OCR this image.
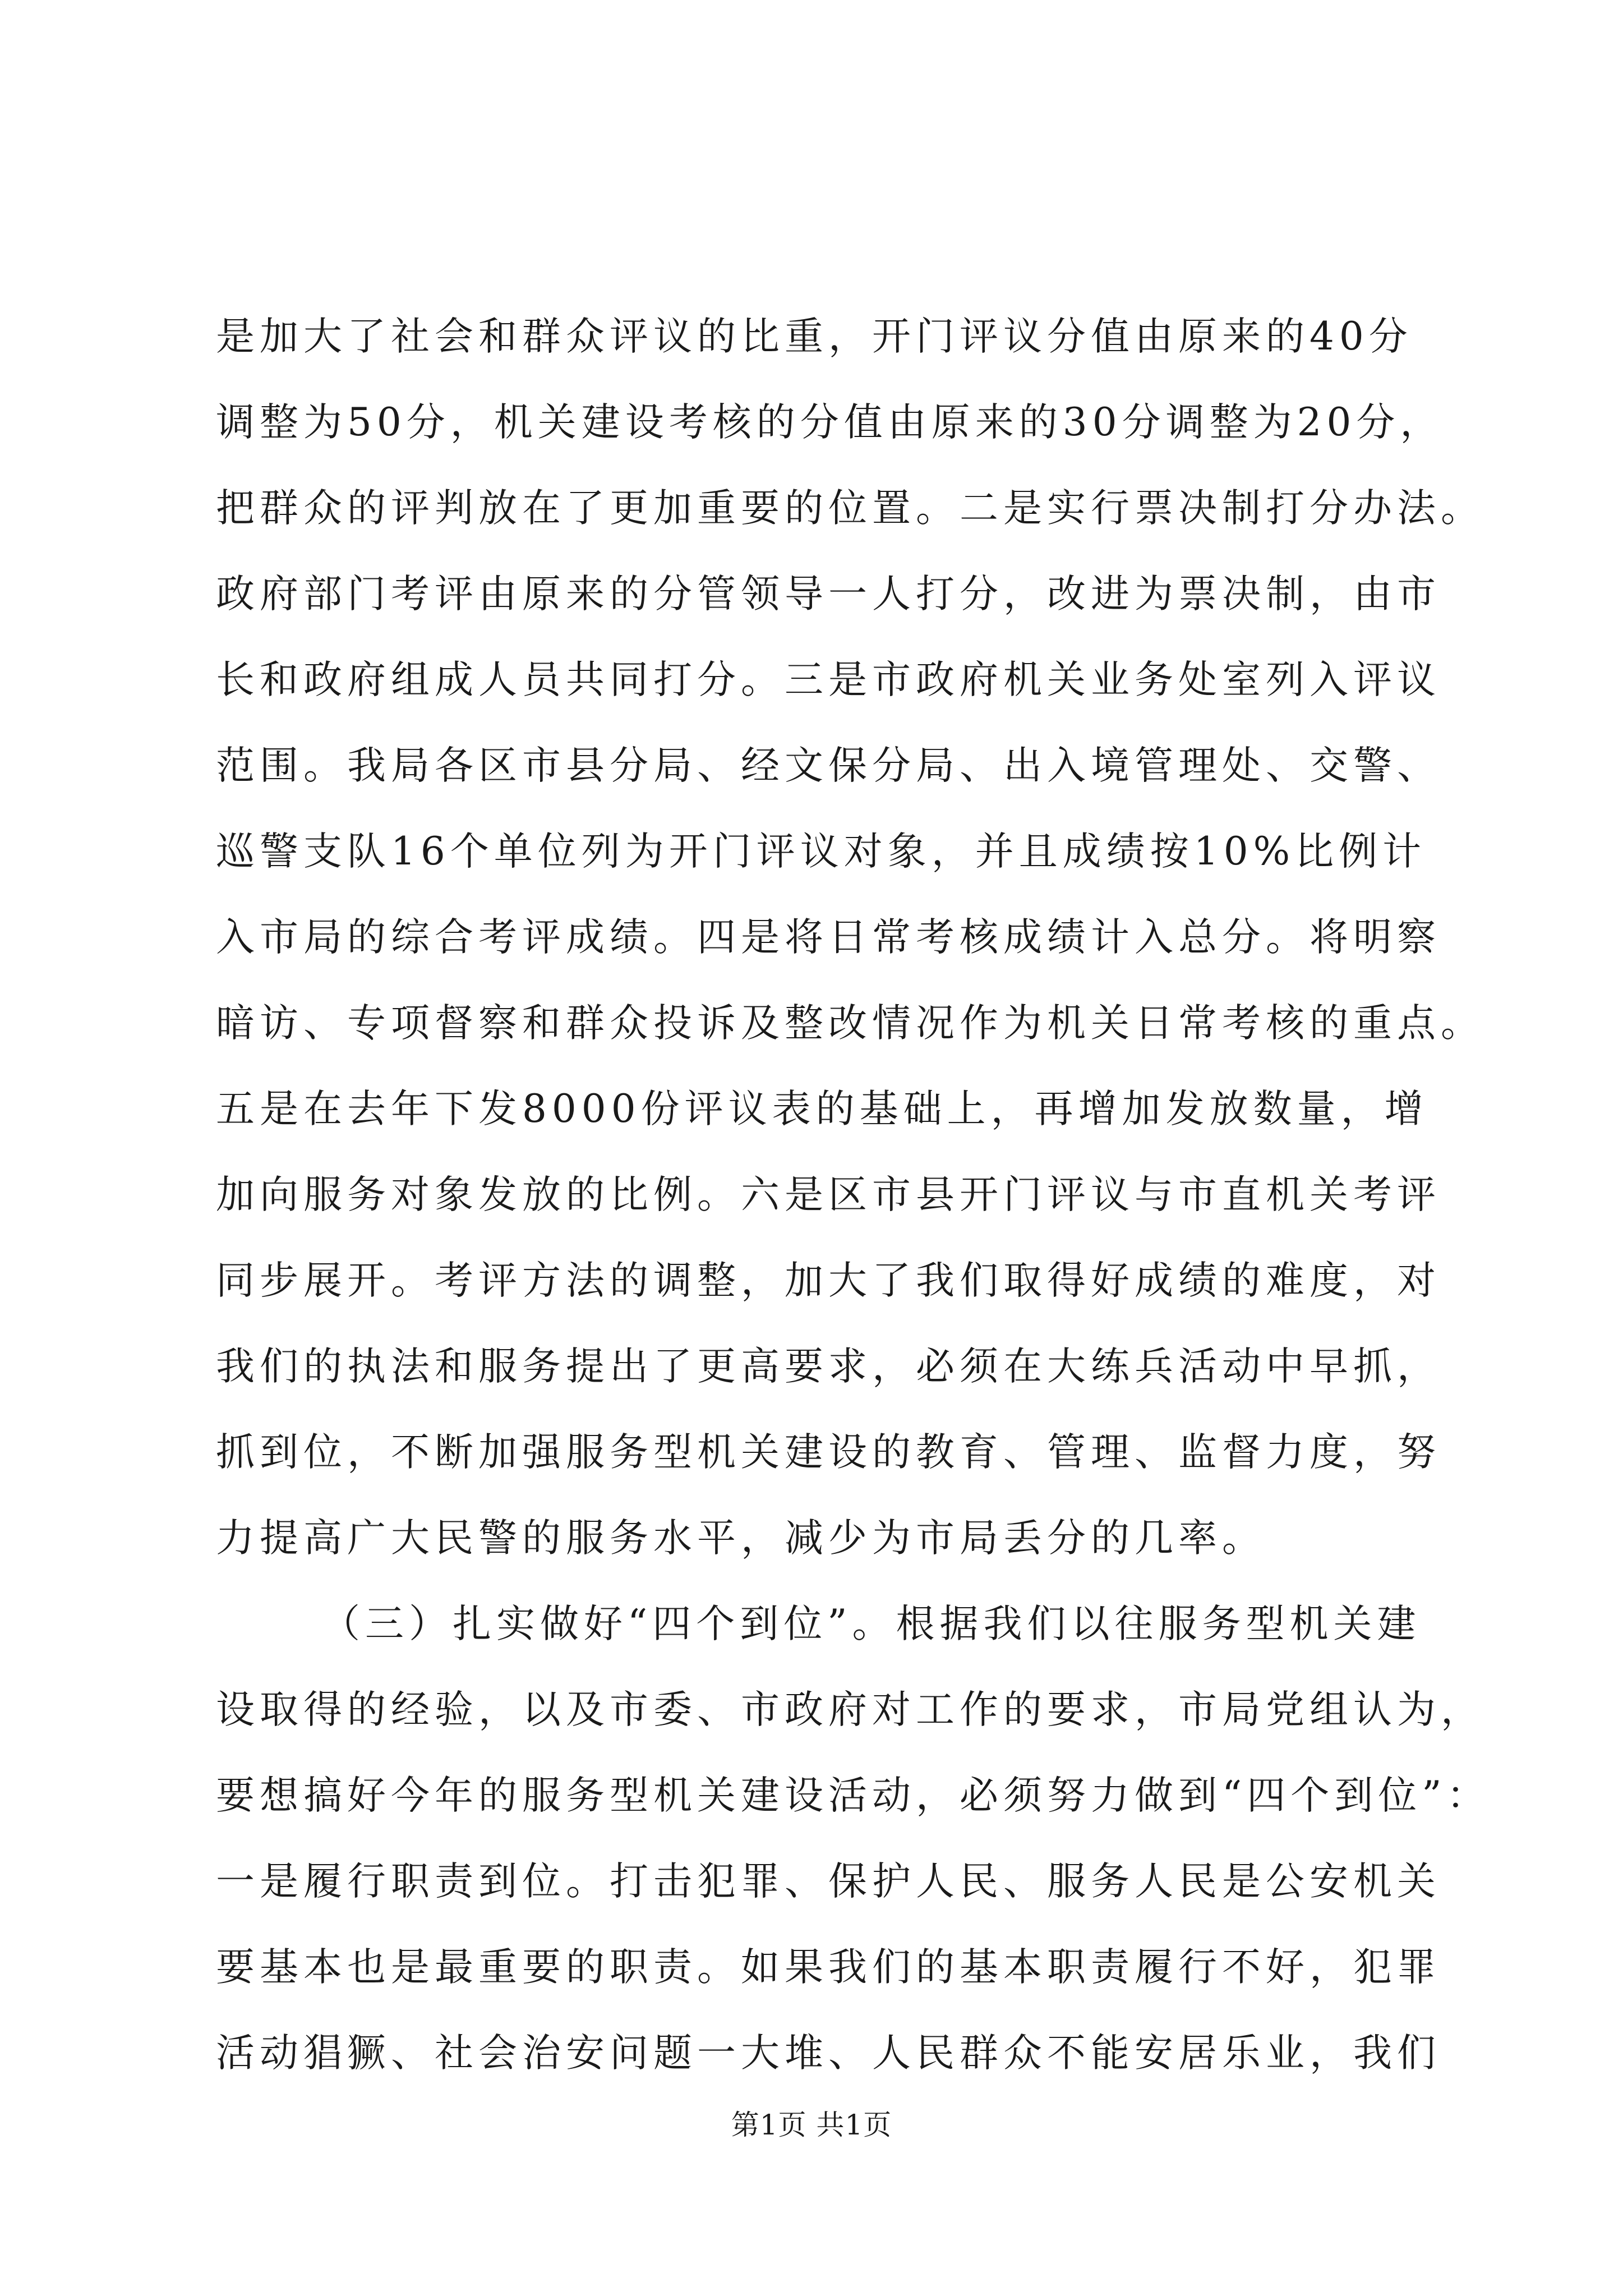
是加大了社会和群众评议的比重，开门评议分值由原来的40分
调整为50分，机关建设考核的分值由原来的30分调整为20分，
把群众的评判放在了更加重要的位置。二是实行票决制打分办法。
政府部门考评由原来的分管领导一人打分，改进为票决制，由市
长和政府组成人员共同打分。三是市政府机关业务处室列入评议
范围。我局各区市县分局、经文保分局、出入境管理处、交警、
巡警支队16个单位列为开门评议对象，并且成绩按10%比例计
入市局的综合考评成绩。四是将日常考核成绩计入总分。将明察
暗访、专项督察和群众投诉及整改情况作为机关日常考核的重点。
五是在去年下发8000份评议表的基础上，再增加发放数量，增
加向服务对象发放的比例。六是区市县开门评议与市直机关考评
同步展开。考评方法的调整，加大了我们取得好成绩的难度，对
我们的执法和服务提出了更高要求，必须在大练兵活动中早抓，
抓到位，不断加强服务型机关建设的教育、管理、监督力度，努
力提高广大民警的服务水平，减少为市局丢分的几率。
（三）扎实做好“四个到位”。根据我们以往服务型机关建
设取得的经验，以及市委、市政府对工作的要求，市局党组认为，
要想搞好今年的服务型机关建设活动，必须努力做到“四个到位”：
一是履行职责到位。打击犯罪、保护人民、服务人民是公安机关
要基本也是最重要的职责。如果我们的基本职责履行不好，犯罪
活动猖獗、社会治安问题一大堆、人民群众不能安居乐业，我们
第1页 共1页
